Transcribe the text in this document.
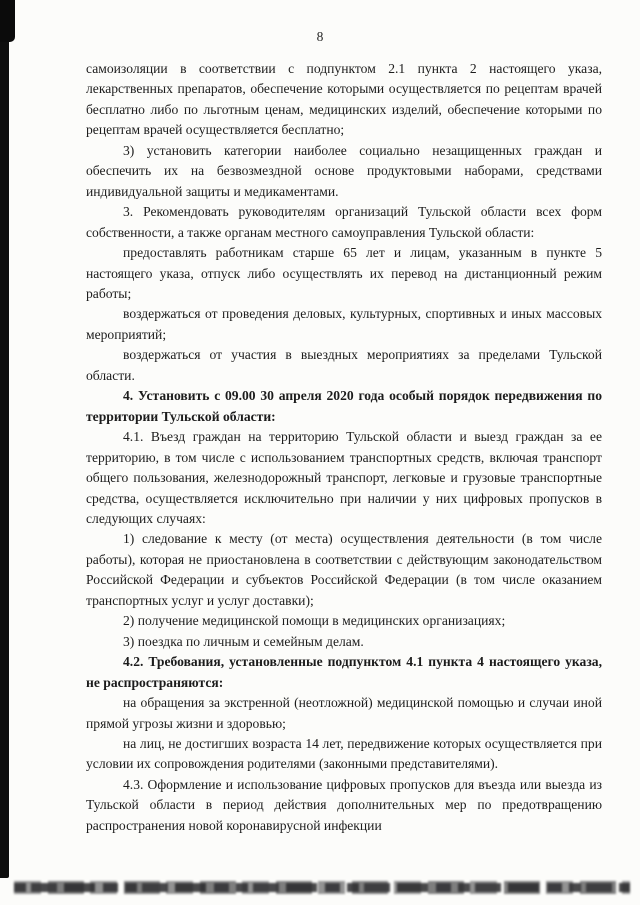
8

самоизоляции в соответствии с подпунктом 2.1 пункта 2 настоящего указа, лекарственных препаратов, обеспечение которыми осуществляется по рецептам врачей бесплатно либо по льготным ценам, медицинских изделий, обеспечение которыми по рецептам врачей осуществляется бесплатно;

3) установить категории наиболее социально незащищенных граждан и обеспечить их на безвозмездной основе продуктовыми наборами, средствами индивидуальной защиты и медикаментами.

3. Рекомендовать руководителям организаций Тульской области всех форм собственности, а также органам местного самоуправления Тульской области:

предоставлять работникам старше 65 лет и лицам, указанным в пункте 5 настоящего указа, отпуск либо осуществлять их перевод на дистанционный режим работы;

воздержаться от проведения деловых, культурных, спортивных и иных массовых мероприятий;

воздержаться от участия в выездных мероприятиях за пределами Тульской области.

4. Установить с 09.00 30 апреля 2020 года особый порядок передвижения по территории Тульской области:

4.1. Въезд граждан на территорию Тульской области и выезд граждан за ее территорию, в том числе с использованием транспортных средств, включая транспорт общего пользования, железнодорожный транспорт, легковые и грузовые транспортные средства, осуществляется исключительно при наличии у них цифровых пропусков в следующих случаях:

1) следование к месту (от места) осуществления деятельности (в том числе работы), которая не приостановлена в соответствии с действующим законодательством Российской Федерации и субъектов Российской Федерации (в том числе оказанием транспортных услуг и услуг доставки);

2) получение медицинской помощи в медицинских организациях;

3) поездка по личным и семейным делам.

4.2. Требования, установленные подпунктом 4.1 пункта 4 настоящего указа, не распространяются:

на обращения за экстренной (неотложной) медицинской помощью и случаи иной прямой угрозы жизни и здоровью;

на лиц, не достигших возраста 14 лет, передвижение которых осуществляется при условии их сопровождения родителями (законными представителями).

4.3. Оформление и использование цифровых пропусков для въезда или выезда из Тульской области в период действия дополнительных мер по предотвращению распространения новой коронавирусной инфекции
